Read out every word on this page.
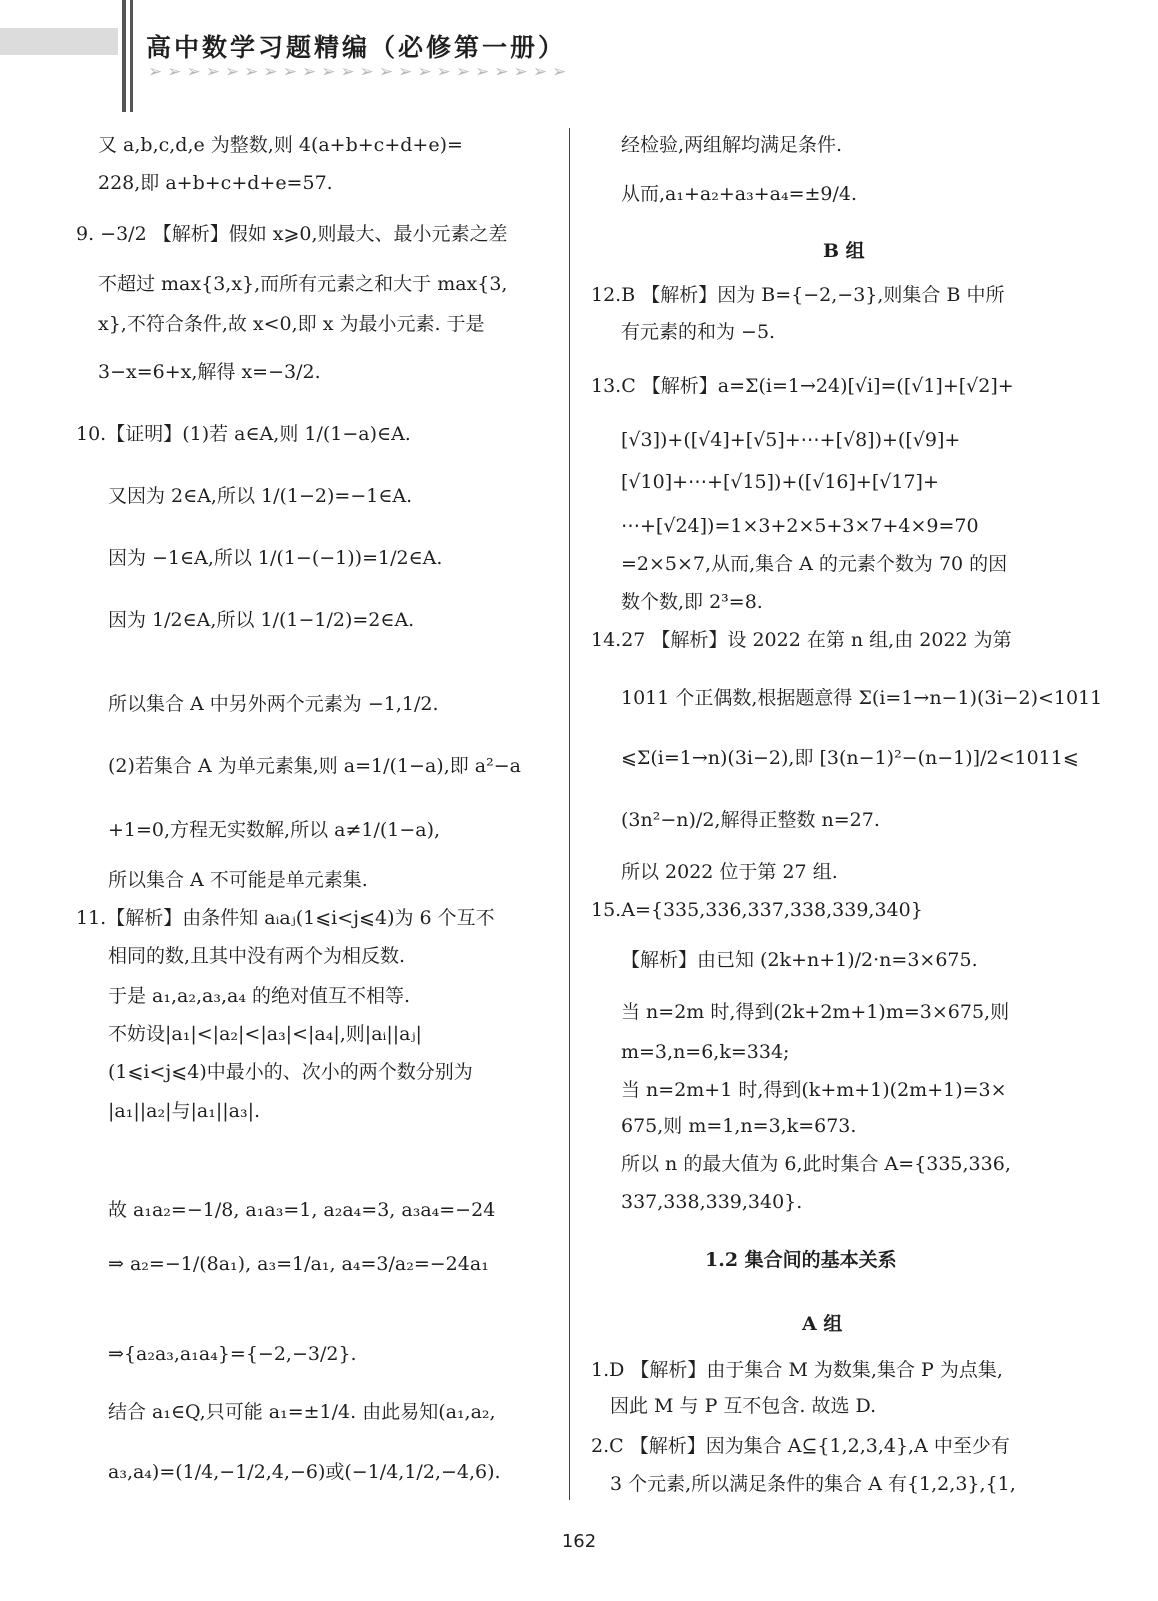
高中数学习题精编（必修第一册）
➢➢➢➢➢➢➢➢➢➢➢➢➢➢➢➢➢➢➢➢➢➢
又 a,b,c,d,e 为整数,则 4(a+b+c+d+e)=
228,即 a+b+c+d+e=57.
9. −3/2 【解析】假如 x⩾0,则最大、最小元素之差
不超过 max{3,x},而所有元素之和大于 max{3,
x},不符合条件,故 x<0,即 x 为最小元素. 于是
3−x=6+x,解得 x=−3/2.
10.【证明】(1)若 a∈A,则 1/(1−a)∈A.
又因为 2∈A,所以 1/(1−2)=−1∈A.
因为 −1∈A,所以 1/(1−(−1))=1/2∈A.
因为 1/2∈A,所以 1/(1−1/2)=2∈A.
所以集合 A 中另外两个元素为 −1,1/2.
(2)若集合 A 为单元素集,则 a=1/(1−a),即 a²−a
+1=0,方程无实数解,所以 a≠1/(1−a),
所以集合 A 不可能是单元素集.
11.【解析】由条件知 aᵢaⱼ(1⩽i<j⩽4)为 6 个互不
相同的数,且其中没有两个为相反数.
于是 a₁,a₂,a₃,a₄ 的绝对值互不相等.
不妨设|a₁|<|a₂|<|a₃|<|a₄|,则|aᵢ||aⱼ|
(1⩽i<j⩽4)中最小的、次小的两个数分别为
|a₁||a₂|与|a₁||a₃|.
故 a₁a₂=−1/8, a₁a₃=1, a₂a₄=3, a₃a₄=−24
⇒ a₂=−1/(8a₁), a₃=1/a₁, a₄=3/a₂=−24a₁
⇒{a₂a₃,a₁a₄}={−2,−3/2}.
结合 a₁∈Q,只可能 a₁=±1/4. 由此易知(a₁,a₂,
a₃,a₄)=(1/4,−1/2,4,−6)或(−1/4,1/2,−4,6).
经检验,两组解均满足条件.
从而,a₁+a₂+a₃+a₄=±9/4.
B 组
12.B 【解析】因为 B={−2,−3},则集合 B 中所
有元素的和为 −5.
13.C 【解析】a=Σ(i=1→24)[√i]=([√1]+[√2]+
[√3])+([√4]+[√5]+⋯+[√8])+([√9]+
[√10]+⋯+[√15])+([√16]+[√17]+
⋯+[√24])=1×3+2×5+3×7+4×9=70
=2×5×7,从而,集合 A 的元素个数为 70 的因
数个数,即 2³=8.
14.27 【解析】设 2022 在第 n 组,由 2022 为第
1011 个正偶数,根据题意得 Σ(i=1→n−1)(3i−2)<1011
⩽Σ(i=1→n)(3i−2),即 [3(n−1)²−(n−1)]/2<1011⩽
(3n²−n)/2,解得正整数 n=27.
所以 2022 位于第 27 组.
15.A={335,336,337,338,339,340}
【解析】由已知 (2k+n+1)/2·n=3×675.
当 n=2m 时,得到(2k+2m+1)m=3×675,则
m=3,n=6,k=334;
当 n=2m+1 时,得到(k+m+1)(2m+1)=3×
675,则 m=1,n=3,k=673.
所以 n 的最大值为 6,此时集合 A={335,336,
337,338,339,340}.
1.2 集合间的基本关系
A 组
1.D 【解析】由于集合 M 为数集,集合 P 为点集,
因此 M 与 P 互不包含. 故选 D.
2.C 【解析】因为集合 A⊆{1,2,3,4},A 中至少有
3 个元素,所以满足条件的集合 A 有{1,2,3},{1,
162
